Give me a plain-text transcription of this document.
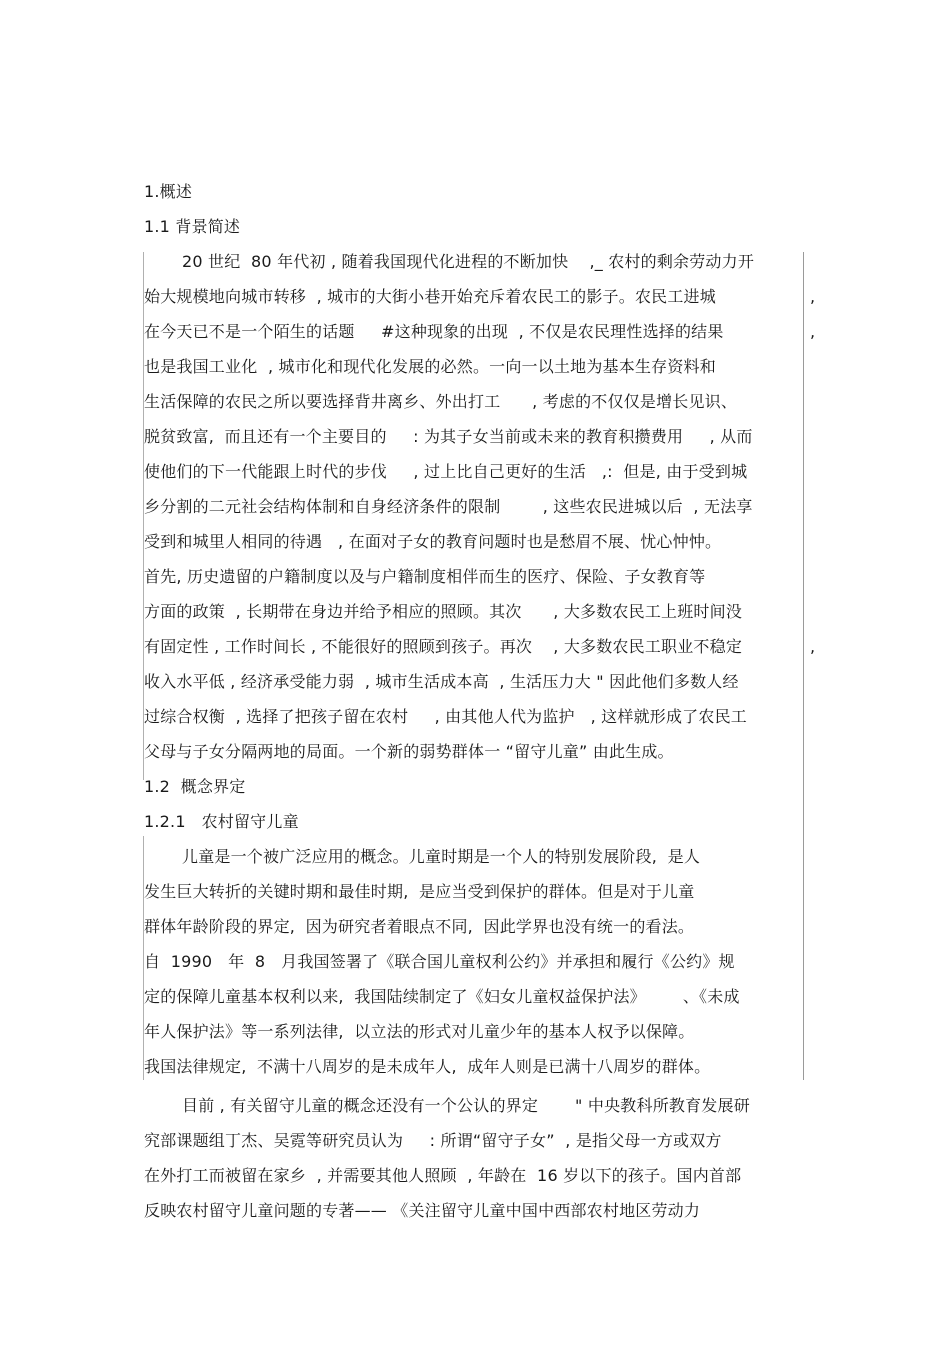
1.概述
1.1 背景简述
20 世纪  80 年代初 , 随着我国现代化进程的不断加快    ,_ 农村的剩余劳动力开
始大规模地向城市转移  , 城市的大街小巷开始充斥着农民工的影子。农民工进城
在今天已不是一个陌生的话题     #这种现象的出现  , 不仅是农民理性选择的结果
也是我国工业化  , 城市化和现代化发展的必然。一向一以土地为基本生存资料和
生活保障的农民之所以要选择背井离乡、外出打工      , 考虑的不仅仅是增长见识、
脱贫致富,  而且还有一个主要目的     : 为其子女当前或未来的教育积攒费用     , 从而
使他们的下一代能跟上时代的步伐     , 过上比自己更好的生活   ,:  但是, 由于受到城
乡分割的二元社会结构体制和自身经济条件的限制        , 这些农民进城以后  , 无法享
受到和城里人相同的待遇   , 在面对子女的教育问题时也是愁眉不展、忧心忡忡。
首先, 历史遗留的户籍制度以及与户籍制度相伴而生的医疗、保险、子女教育等
方面的政策  , 长期带在身边并给予相应的照顾。其次      , 大多数农民工上班时间没
有固定性 , 工作时间长 , 不能很好的照顾到孩子。再次    , 大多数农民工职业不稳定
收入水平低 , 经济承受能力弱  , 城市生活成本高  , 生活压力大 " 因此他们多数人经
过综合权衡  , 选择了把孩子留在农村     , 由其他人代为监护   , 这样就形成了农民工
父母与子女分隔两地的局面。一个新的弱势群体一 “留守儿童” 由此生成。
,
,
,
1.2  概念界定
1.2.1   农村留守儿童
儿童是一个被广泛应用的概念。儿童时期是一个人的特别发展阶段,  是人
发生巨大转折的关键时期和最佳时期,  是应当受到保护的群体。但是对于儿童
群体年龄阶段的界定,  因为研究者着眼点不同,  因此学界也没有统一的看法。
自  1990   年  8   月我国签署了《联合国儿童权利公约》并承担和履行《公约》规
定的保障儿童基本权利以来,  我国陆续制定了《妇女儿童权益保护法》       、《未成
年人保护法》等一系列法律,  以立法的形式对儿童少年的基本人权予以保障。
我国法律规定,  不满十八周岁的是未成年人,  成年人则是已满十八周岁的群体。
目前 , 有关留守儿童的概念还没有一个公认的界定       " 中央教科所教育发展研
究部课题组丁杰、吴霓等研究员认为     : 所谓“留守子女”  , 是指父母一方或双方
在外打工而被留在家乡  , 并需要其他人照顾  , 年龄在  16 岁以下的孩子。国内首部
反映农村留守儿童问题的专著—— 《关注留守儿童中国中西部农村地区劳动力
